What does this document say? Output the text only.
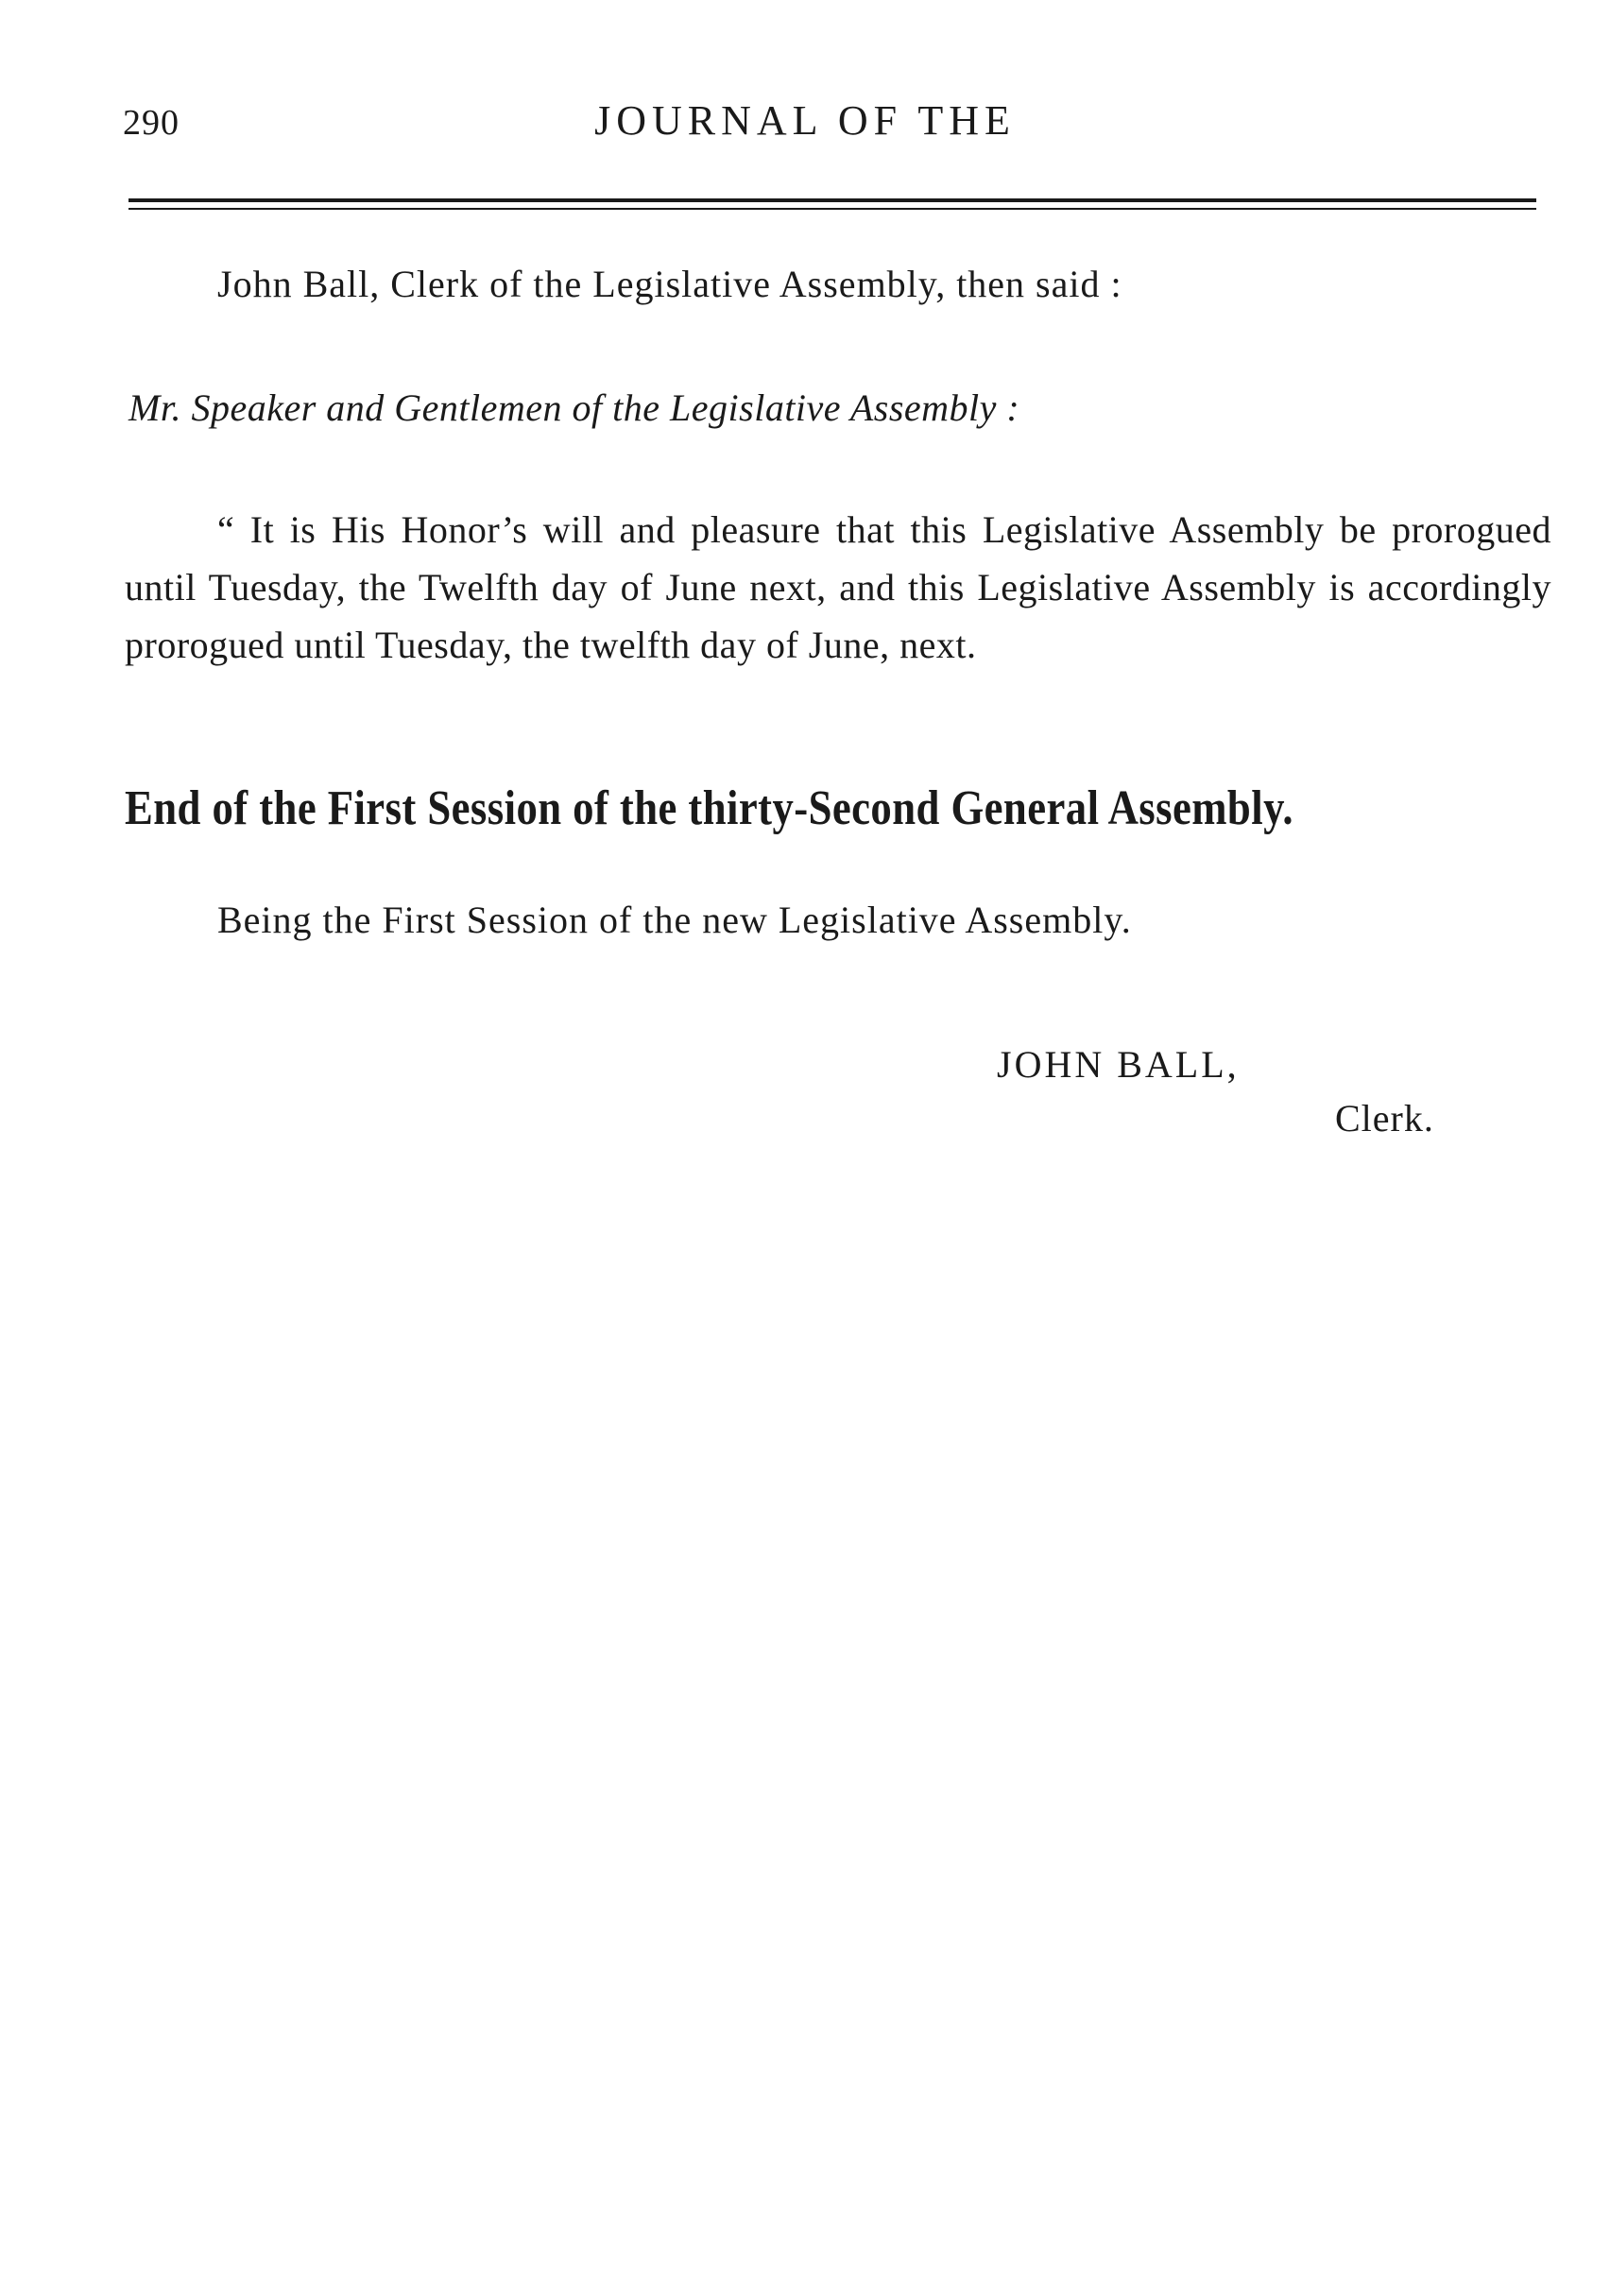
290	JOURNAL OF THE
John Ball, Clerk of the Legislative Assembly, then said :
Mr. Speaker and Gentlemen of the Legislative Assembly :
“ It is His Honor’s will and pleasure that this Legislative Assembly be prorogued until Tuesday, the Twelfth day of June next, and this Legislative Assembly is accordingly prorogued until Tuesday, the twelfth day of June, next.
End of the First Session of the thirty-Second General Assembly.
Being the First Session of the new Legislative Assembly.
JOHN BALL,
Clerk.
